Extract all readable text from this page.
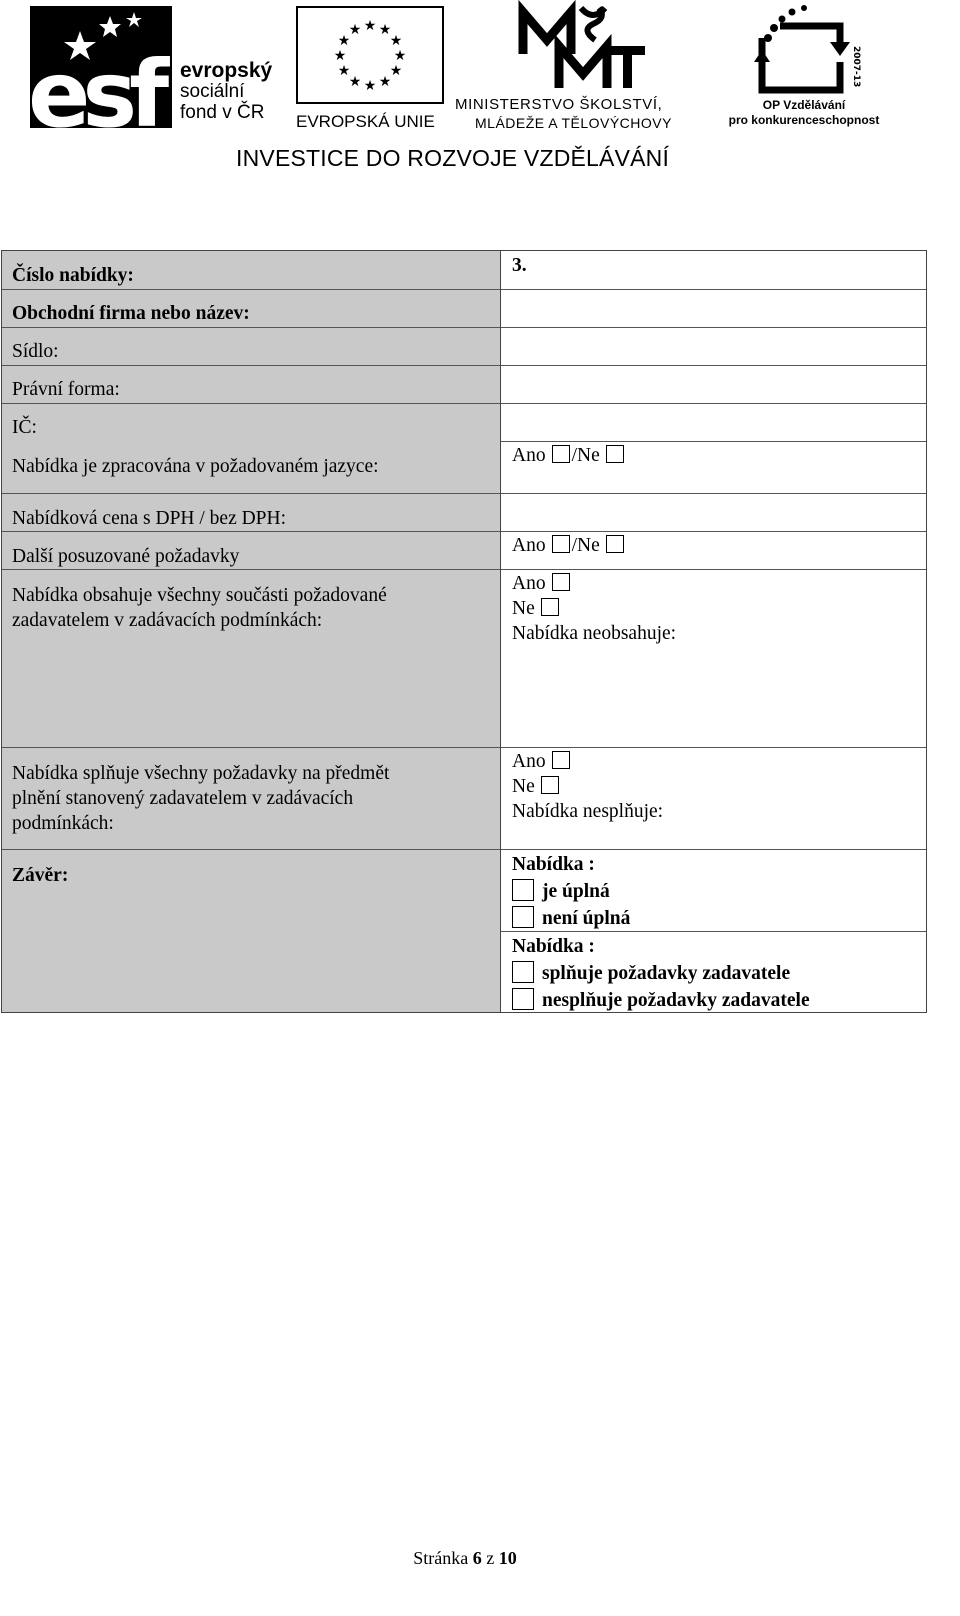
esf evropský
sociální
fond v ČR
★ ★
★
★
★
★
★
★
★
★
★
★
EVROPSKÁ UNIE
MINISTERSTVO ŠKOLSTVÍ,
MLÁDEŽE A TĚLOVÝCHOVY
2007-13
OP Vzdělávání
pro konkurenceschopnost
INVESTICE DO ROZVOJE VZDĚLÁVÁNÍ
Číslo nabídky:
Obchodní firma nebo název:
Sídlo:
Právní forma:
IČ:
Nabídka je zpracována v požadovaném jazyce:
Nabídková cena s DPH / bez DPH:
Další posuzované požadavky
Nabídka obsahuje všechny součásti požadované
zadavatelem v zadávacích podmínkách:
Nabídka splňuje všechny požadavky na předmět
plnění stanovený zadavatelem v zadávacích
podmínkách:
Závěr:
3.
Ano /Ne
Ano /Ne
Ano
Ne
Nabídka neobsahuje:
Ano
Ne
Nabídka nesplňuje:
Nabídka :
je úplná
není úplná
Nabídka :
splňuje požadavky zadavatele
nesplňuje požadavky zadavatele
Stránka 6 z 10
